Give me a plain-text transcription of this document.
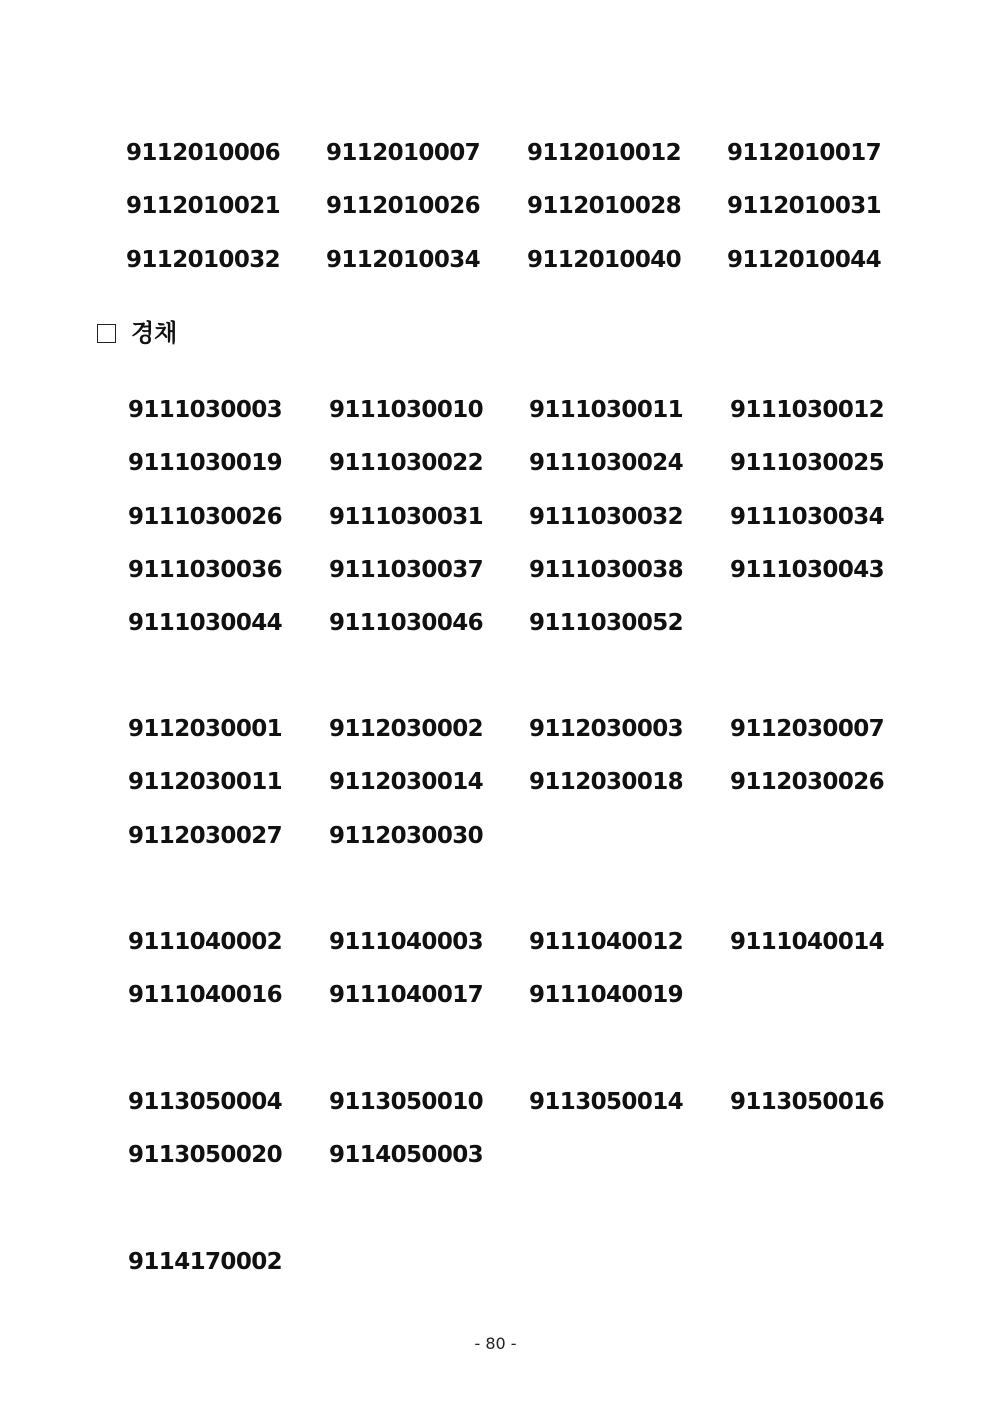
9112010006 9112010007 9112010012 9112010017
9112010021 9112010026 9112010028 9112010031
9112010032 9112010034 9112010040 9112010044
경채
9111030003 9111030010 9111030011 9111030012
9111030019 9111030022 9111030024 9111030025
9111030026 9111030031 9111030032 9111030034
9111030036 9111030037 9111030038 9111030043
9111030044 9111030046 9111030052
9112030001 9112030002 9112030003 9112030007
9112030011 9112030014 9112030018 9112030026
9112030027 9112030030
9111040002 9111040003 9111040012 9111040014
9111040016 9111040017 9111040019
9113050004 9113050010 9113050014 9113050016
9113050020 9114050003
9114170002
- 80 -
